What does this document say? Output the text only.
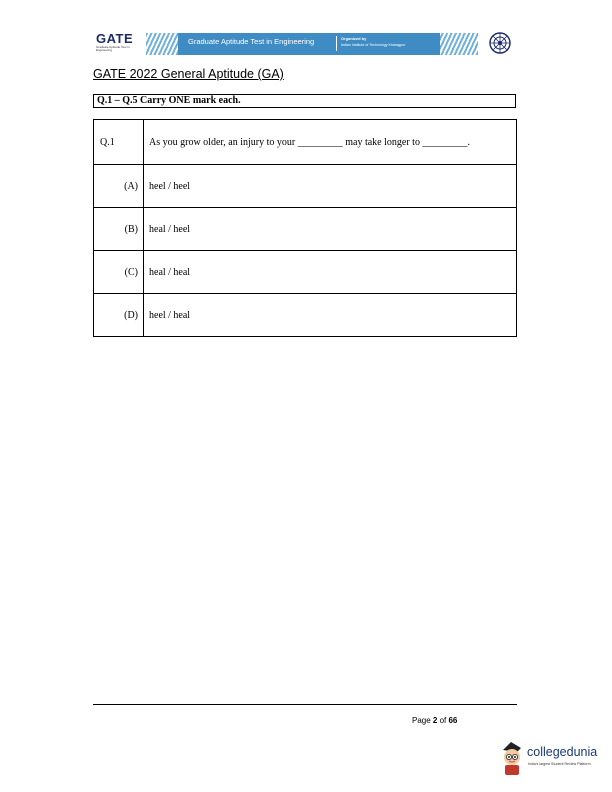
GATE
Graduate Aptitude Test in Engineering
Graduate Aptitude Test in Engineering	Organized by
Indian Institute of Technology Kharagpur
GATE 2022 General Aptitude (GA)
Q.1 – Q.5 Carry ONE mark each.
Q.1	As you grow older, an injury to your _________ may take longer to _________.

(A)	heel / heel

(B)	heal / heel

(C)	heal / heal

(D)	heel / heal
Page 2 of 66
collegedunia
India's largest Student Review Platform
